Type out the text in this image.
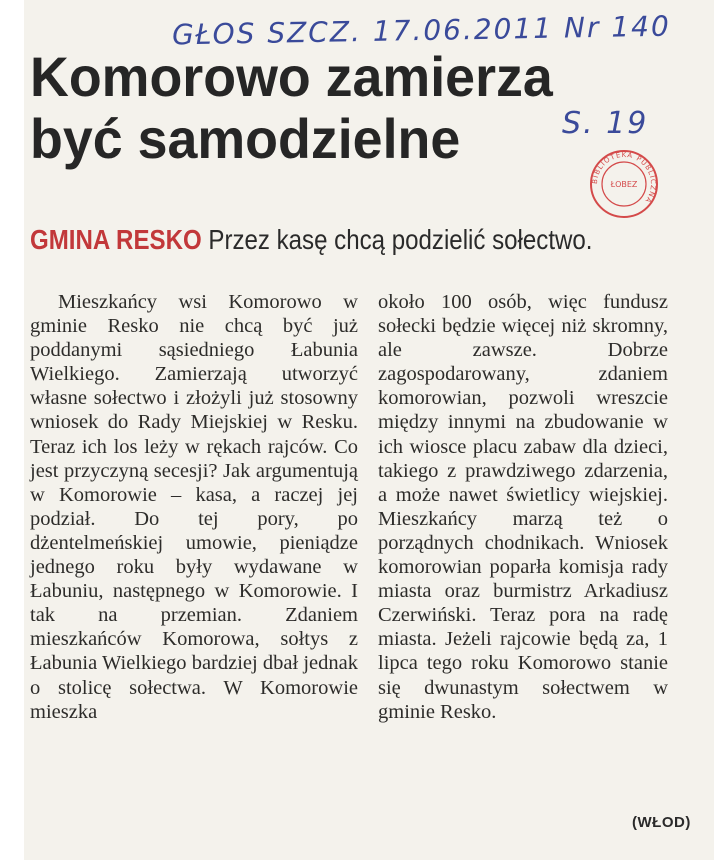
GŁOS SZCZ. 17.06.2011 Nr 140
S. 19
BIBLIOTEKA PUBLICZNA
ŁOBEZ
Komorowo zamierza
być samodzielne
GMINA RESKO Przez kasę chcą podzielić sołectwo.
Mieszkańcy wsi Komorowo w gminie Resko nie chcą być już poddanymi sąsiedniego Łabunia Wielkiego. Zamierzają utworzyć własne sołectwo i złożyli już stosowny wniosek do Rady Miejskiej w Resku. Teraz ich los leży w rękach rajców. Co jest przyczyną secesji? Jak argumentują w Komorowie – kasa, a raczej jej podział. Do tej pory, po dżentelmeńskiej umowie, pieniądze jednego roku były wydawane w Łabuniu, następnego w Komorowie. I tak na przemian. Zdaniem mieszkańców Komorowa, sołtys z Łabunia Wielkiego bardziej dbał jednak o stolicę sołectwa. W Komorowie mieszka
około 100 osób, więc fundusz sołecki będzie więcej niż skromny, ale zawsze. Dobrze zagospodarowany, zdaniem komorowian, pozwoli wreszcie między innymi na zbudowanie w ich wiosce placu zabaw dla dzieci, takiego z prawdziwego zdarzenia, a może nawet świetlicy wiejskiej. Mieszkańcy marzą też o porządnych chodnikach. Wniosek komorowian poparła komisja rady miasta oraz burmistrz Arkadiusz Czerwiński. Teraz pora na radę miasta. Jeżeli rajcowie będą za, 1 lipca tego roku Komorowo stanie się dwunastym sołectwem w gminie Resko.
(WŁOD)
